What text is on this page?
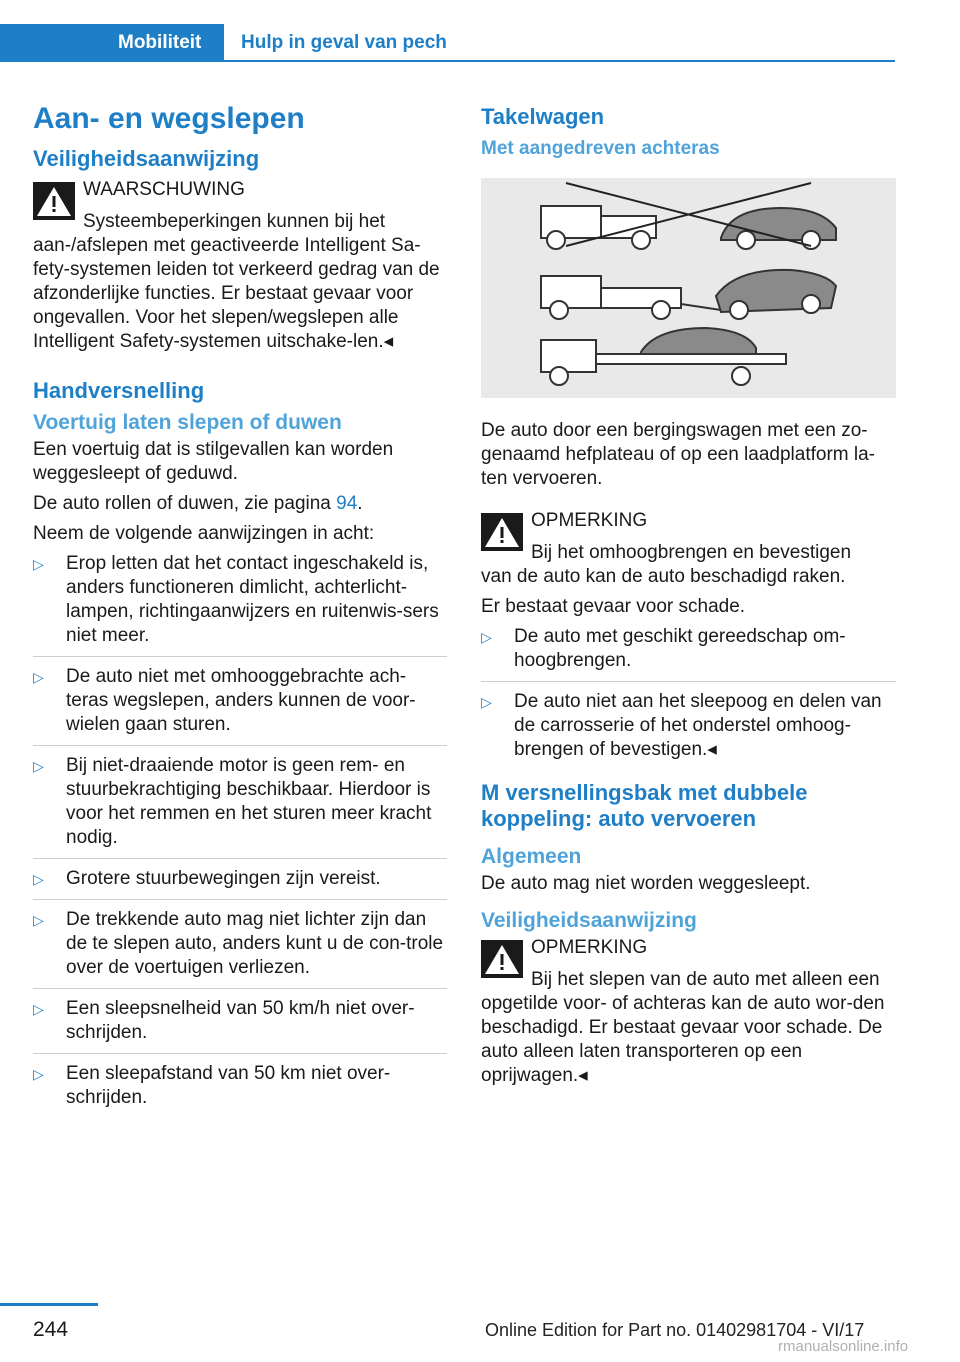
Mobiliteit	Hulp in geval van pech
Aan- en wegslepen
Veiligheidsaanwijzing
WAARSCHUWING
Systeembeperkingen kunnen bij het
aan-/afslepen met geactiveerde Intelligent Sa-fety-systemen leiden tot verkeerd gedrag van de afzonderlijke functies. Er bestaat gevaar voor ongevallen. Voor het slepen/wegslepen alle Intelligent Safety-systemen uitschake-len.◂
Handversnelling
Voertuig laten slepen of duwen

Een voertuig dat is stilgevallen kan worden weggesleept of geduwd.

De auto rollen of duwen, zie pagina 94.

Neem de volgende aanwijzingen in acht:

▷ Erop letten dat het contact ingeschakeld is, anders functioneren dimlicht, achterlicht-lampen, richtingaanwijzers en ruitenwis-sers niet meer.
▷ De auto niet met omhooggebrachte ach-teras wegslepen, anders kunnen de voor-wielen gaan sturen.
▷ Bij niet-draaiende motor is geen rem- en stuurbekrachtiging beschikbaar. Hierdoor is voor het remmen en het sturen meer kracht nodig.
▷ Grotere stuurbewegingen zijn vereist.
▷ De trekkende auto mag niet lichter zijn dan de te slepen auto, anders kunt u de con-trole over de voertuigen verliezen.
▷ Een sleepsnelheid van 50 km/h niet over-schrijden.
▷ Een sleepafstand van 50 km niet over-schrijden.
Takelwagen
Met aangedreven achteras

De auto door een bergingswagen met een zo-genaamd hefplateau of op een laadplatform la-ten vervoeren.

OPMERKING
Bij het omhoogbrengen en bevestigen
van de auto kan de auto beschadigd raken.

Er bestaat gevaar voor schade.

▷ De auto met geschikt gereedschap om-hoogbrengen.
▷ De auto niet aan het sleepoog en delen van de carrosserie of het onderstel omhoog-brengen of bevestigen.◂
M versnellingsbak met dubbele koppeling: auto vervoeren
Algemeen

De auto mag niet worden weggesleept.

Veiligheidsaanwijzing
OPMERKING
Bij het slepen van de auto met alleen een
opgetilde voor- of achteras kan de auto wor-den beschadigd. Er bestaat gevaar voor schade. De auto alleen laten transporteren op een oprijwagen.◂
244	Online Edition for Part no. 01402981704 - VI/17
rmanualsonline.info
